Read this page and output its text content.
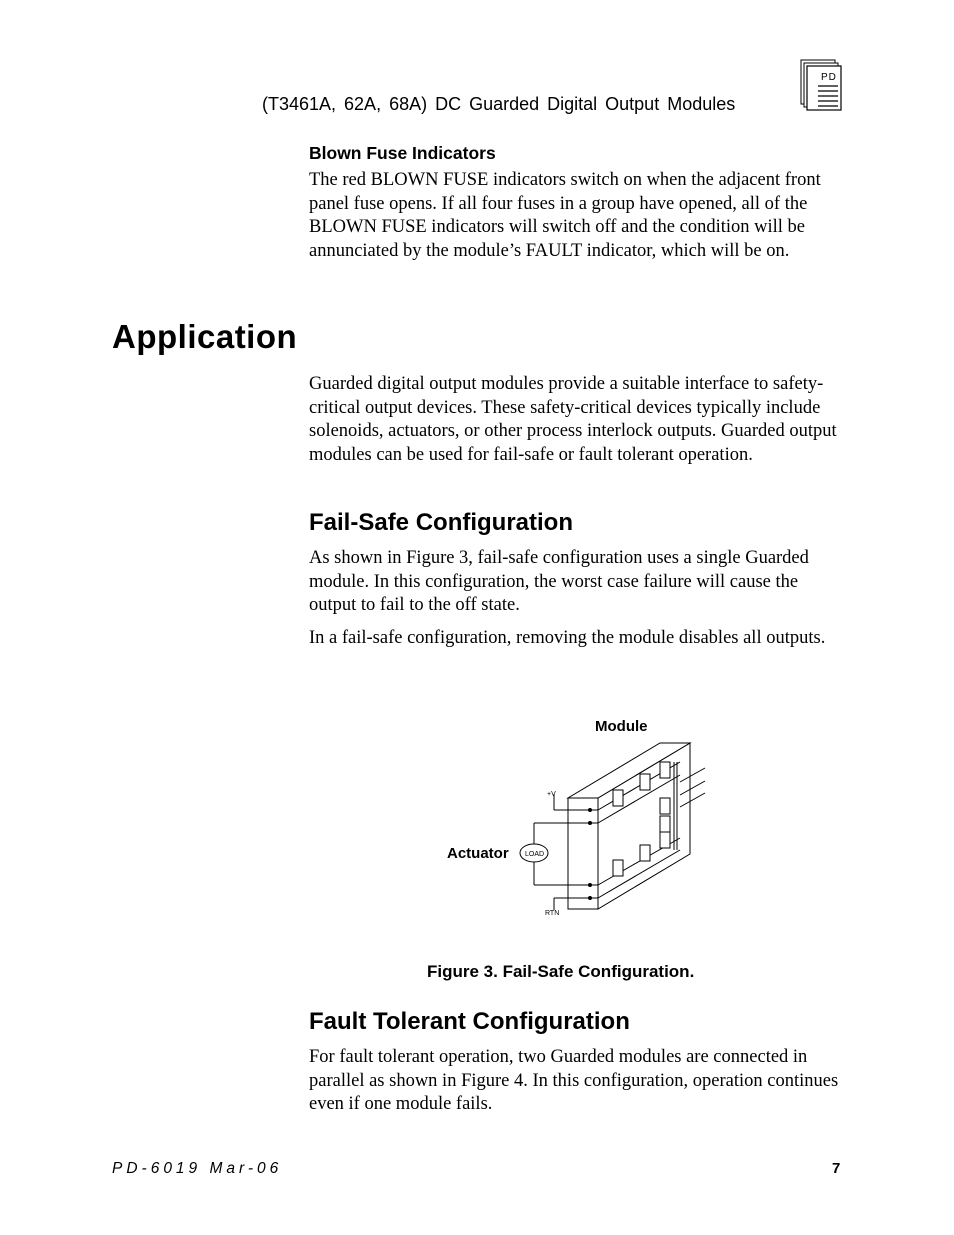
(T3461A, 62A, 68A) DC Guarded Digital Output Modules
PD
Blown Fuse Indicators

The red BLOWN FUSE indicators switch on when the adjacent front panel fuse opens. If all four fuses in a group have opened, all of the BLOWN FUSE indicators will switch off and the condition will be annunciated by the module’s FAULT indicator, which will be on.

Application

Guarded digital output modules provide a suitable interface to safety-critical output devices. These safety-critical devices typically include solenoids, actuators, or other process interlock outputs. Guarded output modules can be used for fail-safe or fault tolerant operation.

Fail-Safe Configuration

As shown in Figure 3, fail-safe configuration uses a single Guarded module. In this configuration, the worst case failure will cause the output to fail to the off state.

In a fail-safe configuration, removing the module disables all outputs.

Module
Actuator
+V
RTN
LOAD
Figure 3. Fail-Safe Configuration.
Fault Tolerant Configuration

For fault tolerant operation, two Guarded modules are connected in parallel as shown in Figure 4. In this configuration, operation continues even if one module fails.

PD-6019 Mar-06	7
